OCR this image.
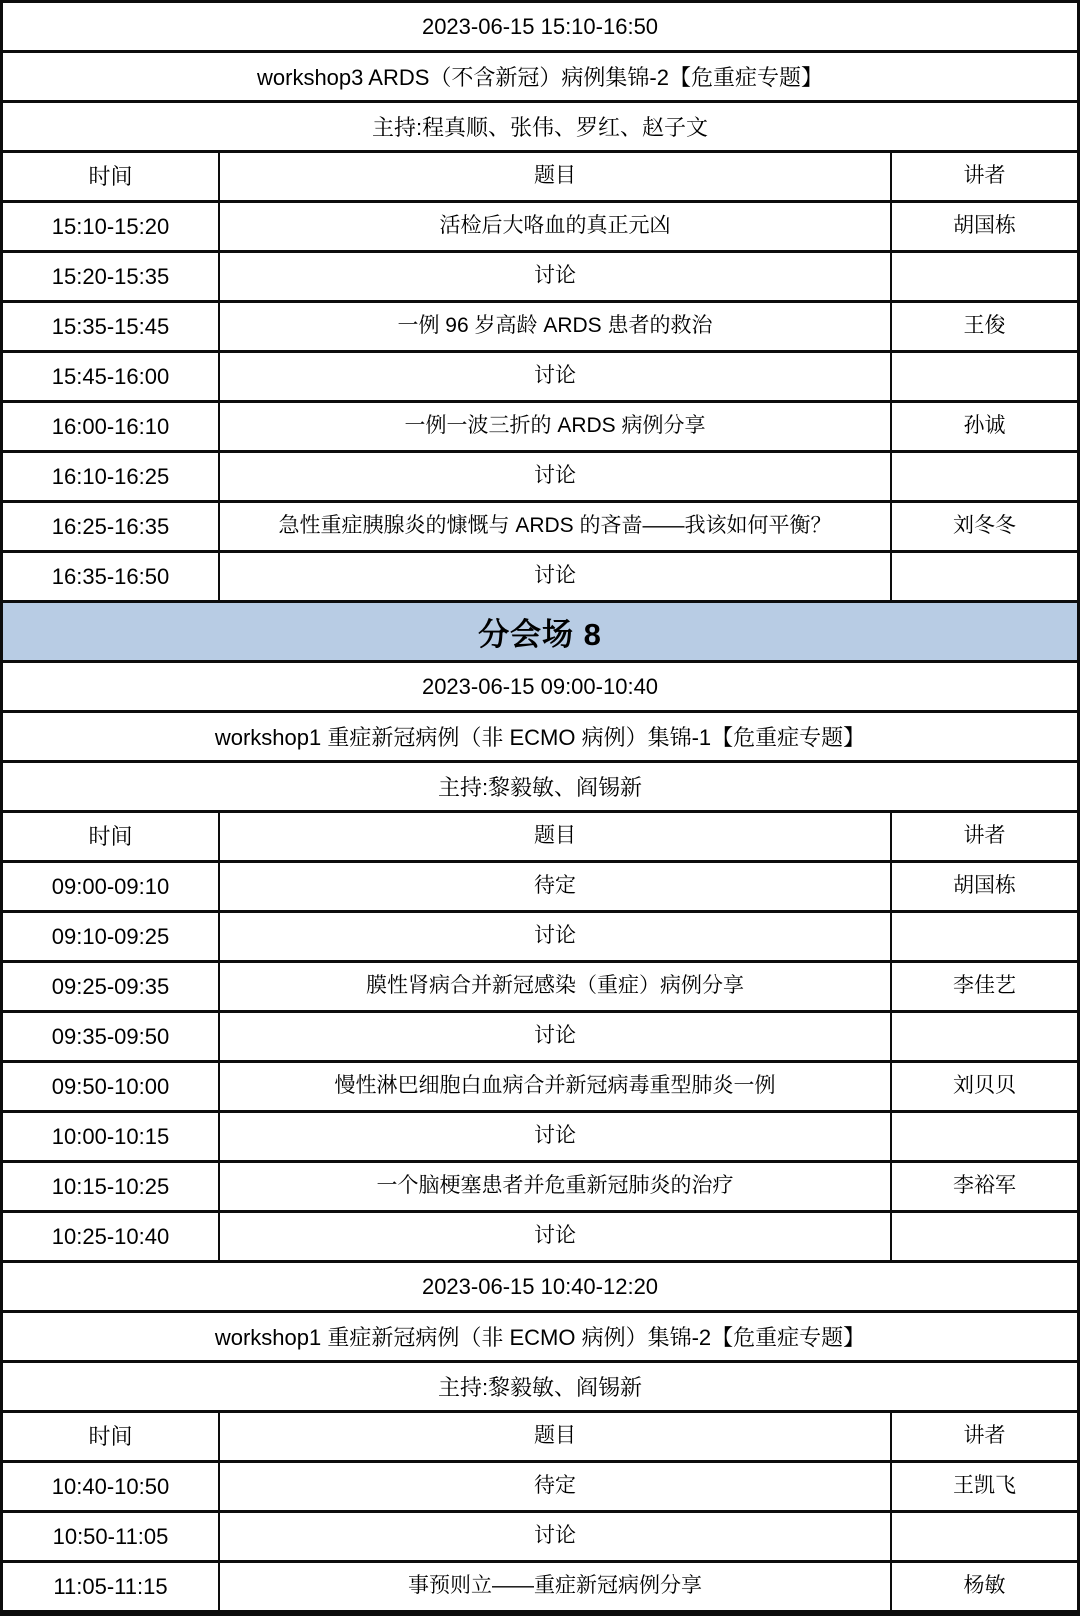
2023-06-15 15:10-16:50
workshop3 ARDS（不含新冠）病例集锦-2【危重症专题】
主持:程真顺、张伟、罗红、赵子文
时间	题目	讲者
15:10-15:20	活检后大咯血的真正元凶	胡国栋
15:20-15:35	讨论
15:35-15:45	一例 96 岁高龄 ARDS 患者的救治	王俊
15:45-16:00	讨论
16:00-16:10	一例一波三折的 ARDS 病例分享	孙诚
16:10-16:25	讨论
16:25-16:35	急性重症胰腺炎的慷慨与 ARDS 的吝啬——我该如何平衡？	刘冬冬
16:35-16:50	讨论
分会场 8
2023-06-15 09:00-10:40
workshop1 重症新冠病例（非 ECMO 病例）集锦-1【危重症专题】
主持:黎毅敏、阎锡新
时间	题目	讲者
09:00-09:10	待定	胡国栋
09:10-09:25	讨论
09:25-09:35	膜性肾病合并新冠感染（重症）病例分享	李佳艺
09:35-09:50	讨论
09:50-10:00	慢性淋巴细胞白血病合并新冠病毒重型肺炎一例	刘贝贝
10:00-10:15	讨论
10:15-10:25	一个脑梗塞患者并危重新冠肺炎的治疗	李裕军
10:25-10:40	讨论
2023-06-15 10:40-12:20
workshop1 重症新冠病例（非 ECMO 病例）集锦-2【危重症专题】
主持:黎毅敏、阎锡新
时间	题目	讲者
10:40-10:50	待定	王凯飞
10:50-11:05	讨论
11:05-11:15	事预则立——重症新冠病例分享	杨敏
